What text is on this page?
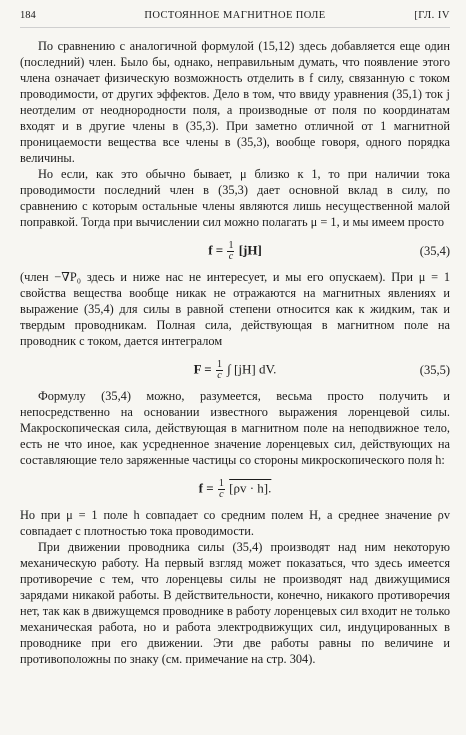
184	ПОСТОЯННОЕ МАГНИТНОЕ ПОЛЕ	[ГЛ. IV

По сравнению с аналогичной формулой (15,12) здесь добавляется еще один (последний) член. Было бы, однако, неправильным думать, что появление этого члена означает физическую возможность отделить в f силу, связанную с током проводимости, от других эффектов. Дело в том, что ввиду уравнения (35,1) ток j неотделим от неоднородности поля, а производные от поля по координатам входят и в другие члены в (35,3). При заметно отличной от 1 магнитной проницаемости вещества все члены в (35,3), вообще говоря, одного порядка величины.

Но если, как это обычно бывает, μ близко к 1, то при наличии тока проводимости последний член в (35,3) дает основной вклад в силу, по сравнению с которым остальные члены являются лишь несущественной малой поправкой. Тогда при вычислении сил можно полагать μ = 1, и мы имеем просто

$f = \frac{1}{c} [jH]$	(35,4)

(член −∇P₀ здесь и ниже нас не интересует, и мы его опускаем). При μ = 1 свойства вещества вообще никак не отражаются на магнитных явлениях и выражение (35,4) для силы в равной степени относится как к жидким, так и твердым проводникам. Полная сила, действующая в магнитном поле на проводник с током, дается интегралом

$F = \frac{1}{c}$ ∫ [jH] dV.	(35,5)

Формулу (35,4) можно, разумеется, весьма просто получить и непосредственно на основании известного выражения лоренцевой силы. Макроскопическая сила, действующая в магнитном поле на неподвижное тело, есть не что иное, как усредненное значение лоренцевых сил, действующих на составляющие тело заряженные частицы со стороны микроскопического поля h:

$f = \frac{1}{c} [\rho v \cdot h]$.

Но при μ = 1 поле h совпадает со средним полем H, а среднее значение ρv совпадает с плотностью тока проводимости.

При движении проводника силы (35,4) производят над ним некоторую механическую работу. На первый взгляд может показаться, что здесь имеется противоречие с тем, что лоренцевы силы не производят над движущимися зарядами никакой работы. В действительности, конечно, никакого противоречия нет, так как в движущемся проводнике в работу лоренцевых сил входит не только механическая работа, но и работа электродвижущих сил, индуцированных в проводнике при его движении. Эти две работы равны по величине и противоположны по знаку (см. примечание на стр. 304).
